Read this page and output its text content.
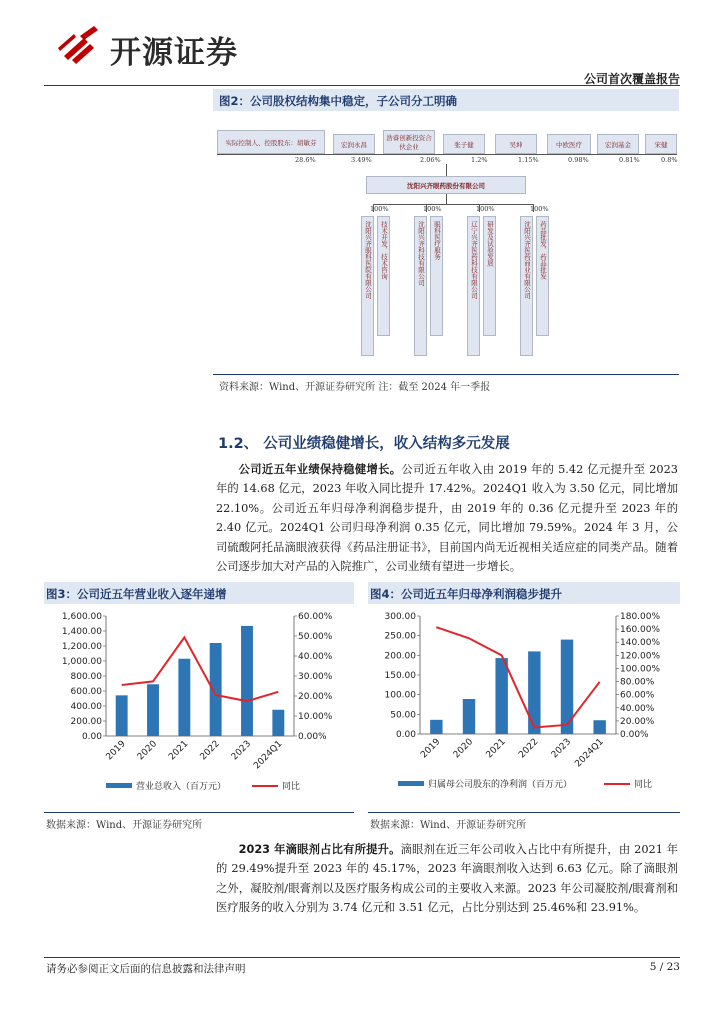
开源证券
公司首次覆盖报告
图2：公司股权结构集中稳定，子公司分工明确
实际控制人、控股股东：胡敏芬	宏润永昌
浩睿创新投资合伙企业	张子健	吴坤	中欧医疗	宏润基金	宋健
28.6%	3.49%	2.06%	1.2%	1.15%	0.98%	0.81%	0.8%
沈阳兴齐眼药股份有限公司
100%	100%	100%	100%
沈阳兴齐眼科医院有限公司	技术开发、技术咨询	沈阳兴齐科技有限公司	眼科医疗服务	辽宁兴齐医药科技有限公司	研发及试验发展	沈阳兴齐医药商业有限公司	药品批发、药品批发
资料来源：Wind、开源证券研究所 注：截至 2024 年一季报
1.2、 公司业绩稳健增长，收入结构多元发展
公司近五年业绩保持稳健增长。公司近五年收入由 2019 年的 5.42 亿元提升至 2023 年的 14.68 亿元，2023 年收入同比提升 17.42%。2024Q1 收入为 3.50 亿元，同比增加 22.10%。公司近五年归母净利润稳步提升，由 2019 年的 0.36 亿元提升至 2023 年的 2.40 亿元。2024Q1 公司归母净利润 0.35 亿元，同比增加 79.59%。2024 年 3 月，公司硫酸阿托品滴眼液获得《药品注册证书》，目前国内尚无近视相关适应症的同类产品。随着公司逐步加大对产品的入院推广，公司业绩有望进一步增长。
图3：公司近五年营业收入逐年递增	图4：公司近五年归母净利润稳步提升
0.00
200.00
400.00
600.00
800.00
1,000.00
1,200.00
1,400.00
1,600.00
0.00%
10.00%
20.00%
30.00%
40.00%
50.00%
60.00%
2019 2020 2021 2022 2023 2024Q1
营业总收入（百万元）	同比
0.00
50.00
100.00
150.00
200.00
250.00
300.00
0.00%
20.00%
40.00%
60.00%
80.00%
100.00%
120.00%
140.00%
160.00%
180.00%
2019 2020 2021 2022 2023 2024Q1
归属母公司股东的净利润（百万元）	同比
数据来源：Wind、开源证券研究所	数据来源：Wind、开源证券研究所
2023 年滴眼剂占比有所提升。滴眼剂在近三年公司收入占比中有所提升，由 2021 年的 29.49%提升至 2023 年的 45.17%，2023 年滴眼剂收入达到 6.63 亿元。除了滴眼剂之外，凝胶剂/眼膏剂以及医疗服务构成公司的主要收入来源。2023 年公司凝胶剂/眼膏剂和医疗服务的收入分别为 3.74 亿元和 3.51 亿元，占比分别达到 25.46%和 23.91%。
请务必参阅正文后面的信息披露和法律声明	5 / 23
